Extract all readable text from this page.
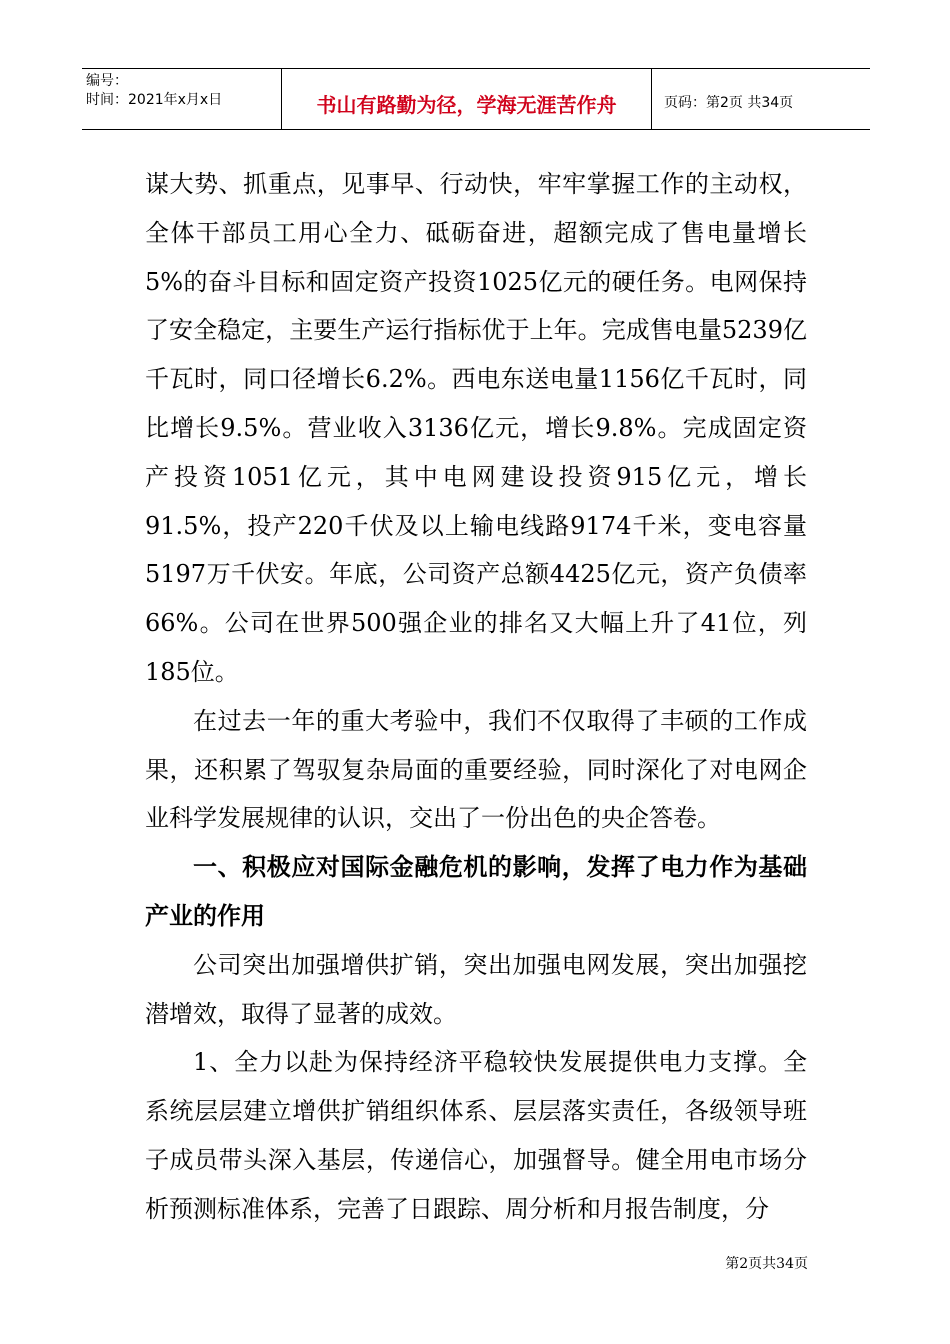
编号：
时间：2021年x月x日	书山有路勤为径，学海无涯苦作舟	页码：第2页 共34页

谋大势、抓重点，见事早、行动快，牢牢掌握工作的主动权，全体干部员工用心全力、砥砺奋进，超额完成了售电量增长5%的奋斗目标和固定资产投资1025亿元的硬任务。电网保持了安全稳定，主要生产运行指标优于上年。完成售电量5239亿千瓦时，同口径增长6.2%。西电东送电量1156亿千瓦时，同比增长9.5%。营业收入3136亿元，增长9.8%。完成固定资产投资1051亿元，其中电网建设投资915亿元，增长91.5%，投产220千伏及以上输电线路9174千米，变电容量5197万千伏安。年底，公司资产总额4425亿元，资产负债率66%。公司在世界500强企业的排名又大幅上升了41位，列185位。

在过去一年的重大考验中，我们不仅取得了丰硕的工作成果，还积累了驾驭复杂局面的重要经验，同时深化了对电网企业科学发展规律的认识，交出了一份出色的央企答卷。

一、积极应对国际金融危机的影响，发挥了电力作为基础产业的作用

公司突出加强增供扩销，突出加强电网发展，突出加强挖潜增效，取得了显著的成效。

1、全力以赴为保持经济平稳较快发展提供电力支撑。全系统层层建立增供扩销组织体系、层层落实责任，各级领导班子成员带头深入基层，传递信心，加强督导。健全用电市场分析预测标准体系，完善了日跟踪、周分析和月报告制度，分

第2页共34页
